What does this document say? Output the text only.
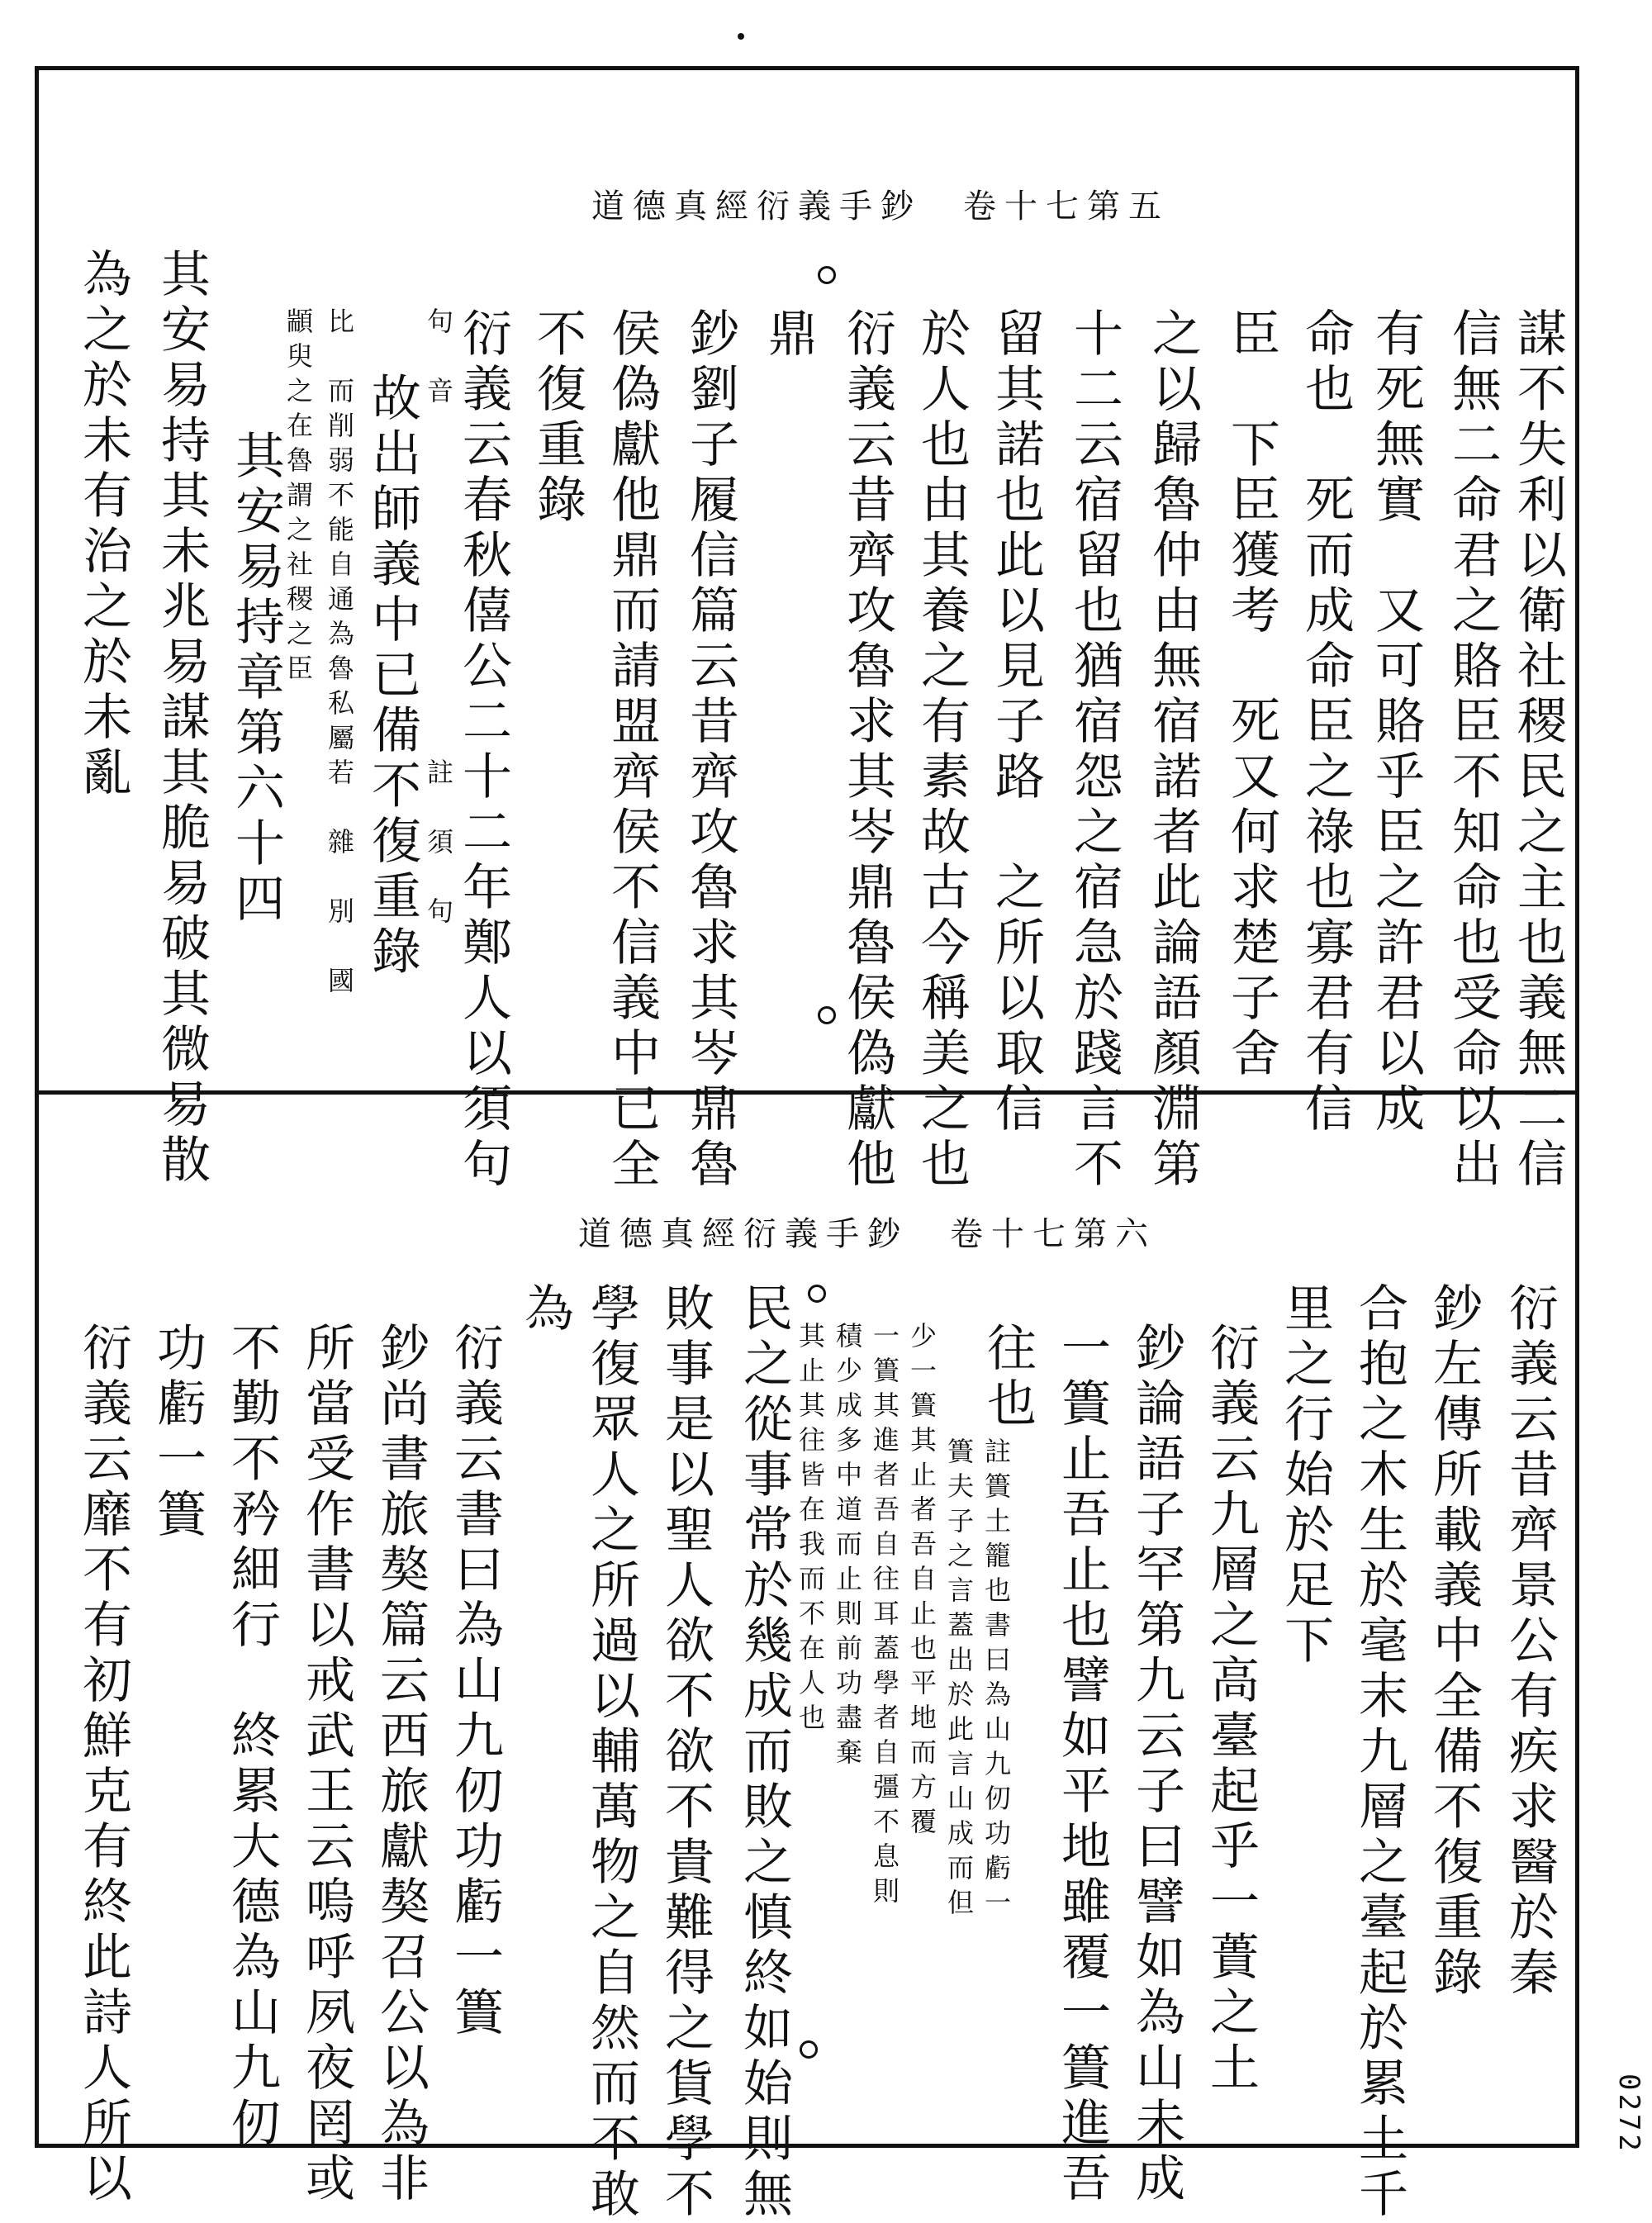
道德真經衍義手鈔　卷十七第五
謀不失利以衛社稷民之主也義無二信
信無二命君之賂臣不知命也受命以出
有死無實　又可賂乎臣之許君以成
命也　死而成命臣之祿也寡君有信
臣　下臣獲考　死又何求楚子舍
之以歸魯仲由無宿諾者此論語顏淵第
十二云宿留也猶宿怨之宿急於踐言不
留其諾也此以見子路　之所以取信
於人也由其養之有素故古今稱美之也
衍義云昔齊攻魯求其岑鼎魯侯偽獻他
鼎
鈔劉子履信篇云昔齊攻魯求其岑鼎魯
侯偽獻他鼎而請盟齊侯不信義中已全
不復重錄
衍義云春秋僖公二十二年鄭人以須句
故出師義中已備不復重錄 句　音　　　　　　　　　　註　須　句
比　而削弱不能自通為魯私屬若　雜　別　國
顓臾之在魯謂之社稷之臣
其安易持章第六十四
其安易持其未兆易謀其脆易破其微易散
為之於未有治之於未亂
道德真經衍義手鈔　卷十七第六
衍義云昔齊景公有疾求醫於秦
鈔左傳所載義中全備不復重錄
合抱之木生於毫末九層之臺起於累土千
里之行始於足下
衍義云九層之高臺起乎一蕢之土
鈔論語子罕第九云子曰譬如為山未成
一簣止吾止也譬如平地雖覆一簣進吾
往也
註簣土籠也書曰為山九仞功虧一
簣夫子之言蓋出於此言山成而但
少一簣其止者吾自止也平地而方覆
一簣其進者吾自往耳蓋學者自彊不息則
積少成多中道而止則前功盡棄
其止其往皆在我而不在人也
民之從事常於幾成而敗之慎終如始則無
敗事是以聖人欲不欲不貴難得之貨學不
學復眾人之所過以輔萬物之自然而不敢
為
衍義云書曰為山九仞功虧一簣
鈔尚書旅獒篇云西旅獻獒召公以為非
所當受作書以戒武王云嗚呼夙夜罔或
不勤不矜細行　終累大德為山九仞
功虧一簣
衍義云靡不有初鮮克有終此詩人所以	0272
